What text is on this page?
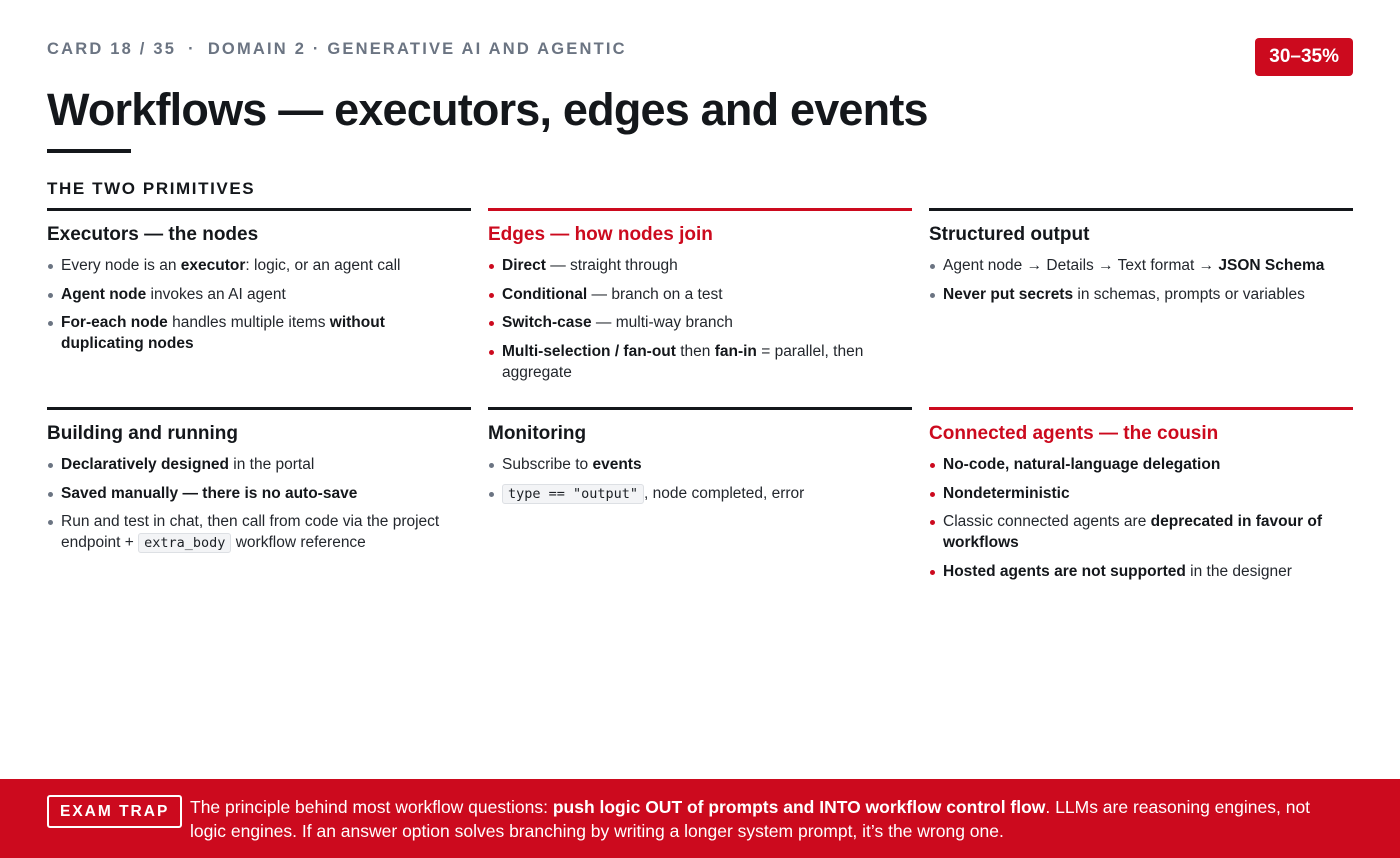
CARD 18 / 35 · DOMAIN 2 · GENERATIVE AI AND AGENTIC	30–35%
Workflows — executors, edges and events
THE TWO PRIMITIVES
Executors — the nodes
Every node is an executor: logic, or an agent call
Agent node invokes an AI agent
For-each node handles multiple items without duplicating nodes
Edges — how nodes join
Direct — straight through
Conditional — branch on a test
Switch-case — multi-way branch
Multi-selection / fan-out then fan-in = parallel, then aggregate
Structured output
Agent node → Details → Text format → JSON Schema
Never put secrets in schemas, prompts or variables
Building and running
Declaratively designed in the portal
Saved manually — there is no auto-save
Run and test in chat, then call from code via the project endpoint + extra_body workflow reference
Monitoring
Subscribe to events
type == "output" , node completed, error
Connected agents — the cousin
No-code, natural-language delegation
Nondeterministic
Classic connected agents are deprecated in favour of workflows
Hosted agents are not supported in the designer
EXAM TRAP	The principle behind most workflow questions: push logic OUT of prompts and INTO workflow control flow. LLMs are reasoning engines, not logic engines. If an answer option solves branching by writing a longer system prompt, it’s the wrong one.
